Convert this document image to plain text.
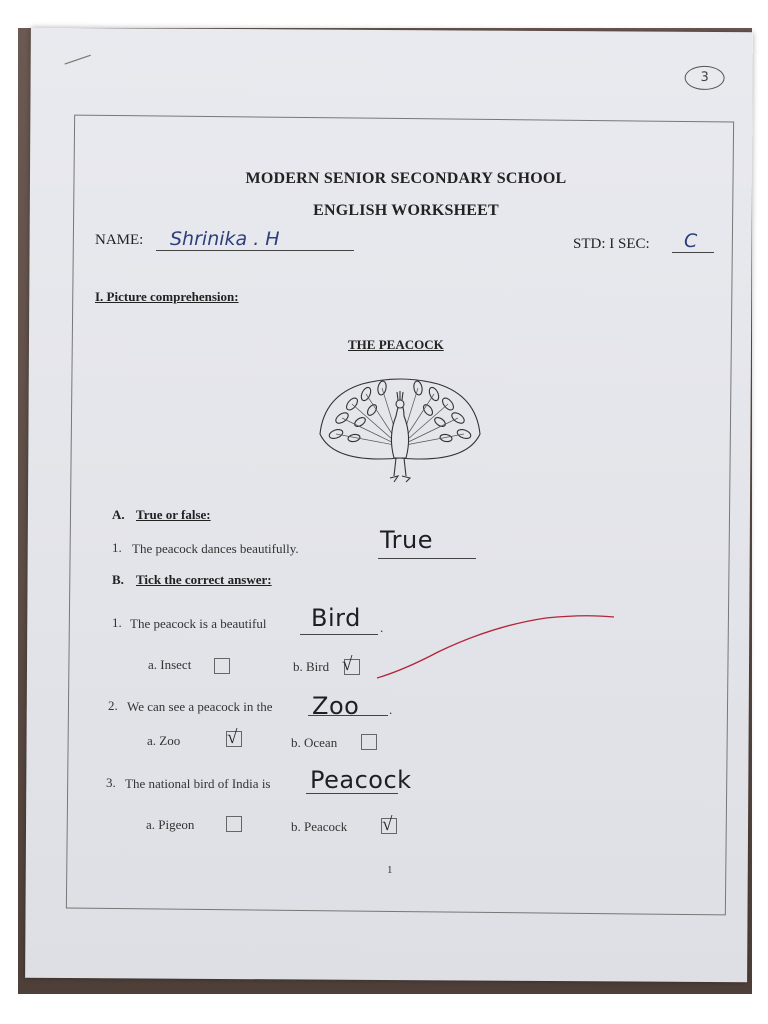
3
MODERN SENIOR SECONDARY SCHOOL
ENGLISH WORKSHEET
NAME: Shrinika . H	STD: I SEC: C
I. Picture comprehension:
THE PEACOCK
A. True or false:
1. The peacock dances beautifully.	True
B. Tick the correct answer:
1. The peacock is a beautiful Bird .
a. Insect	b. Bird √
2. We can see a peacock in the Zoo .
a. Zoo √	b. Ocean
3. The national bird of India is Peacock
a. Pigeon	b. Peacock √
1
